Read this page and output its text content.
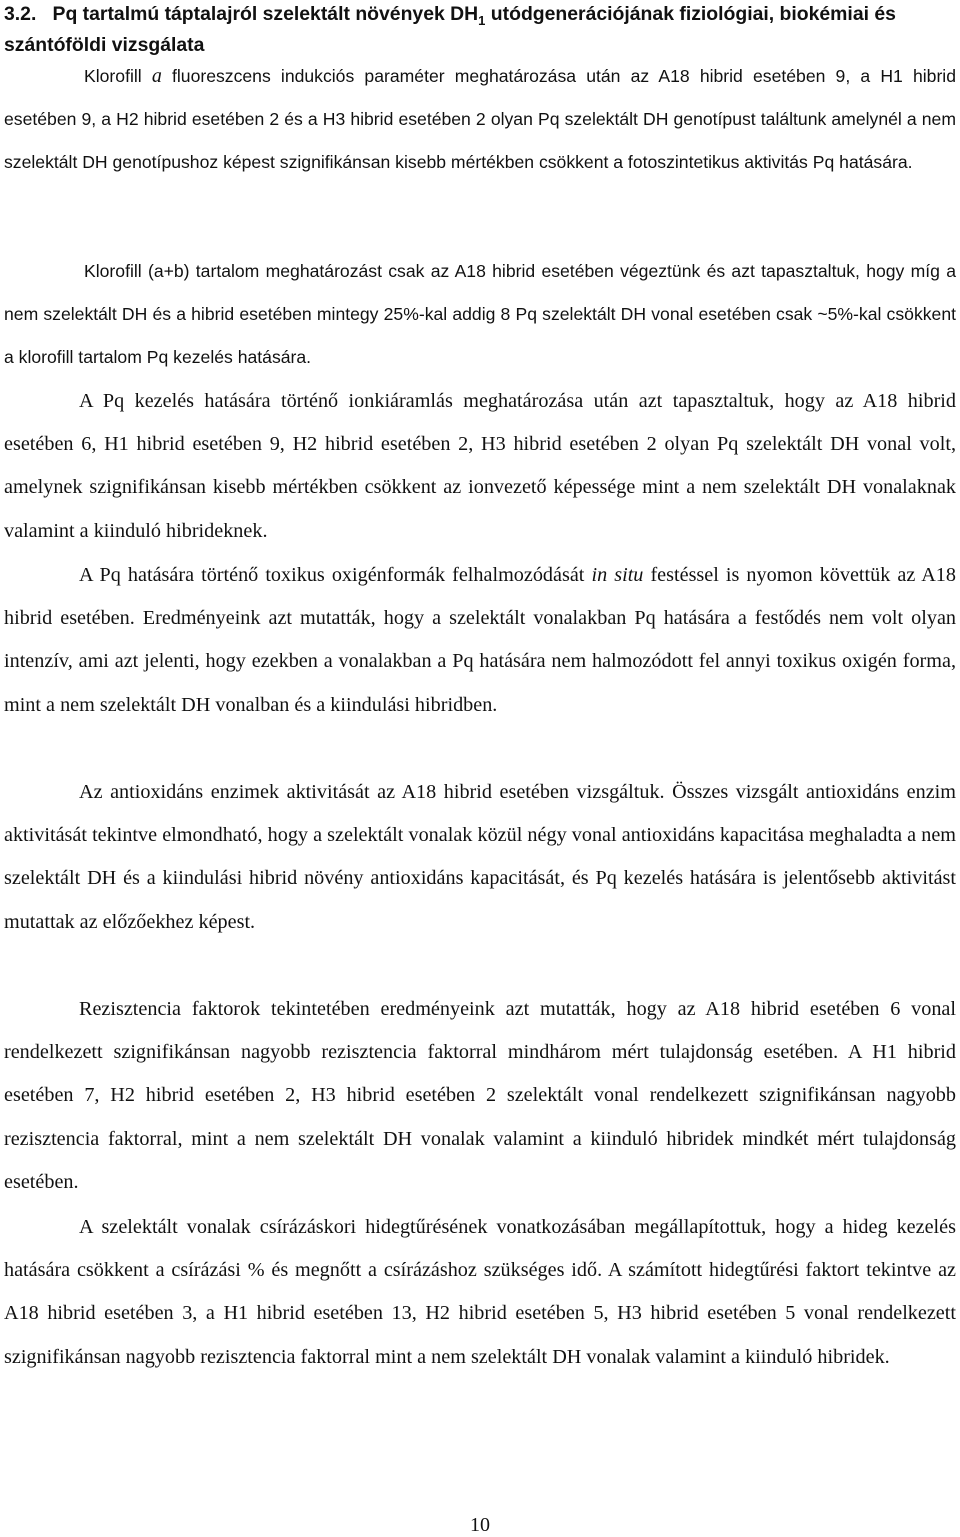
3.2. Pq tartalmú táptalajról szelektált növények $DH_1$ utódgenerációjának fiziológiai, biokémiai és szántóföldi vizsgálata
Klorofill a fluoreszcens indukciós paraméter meghatározása után az A18 hibrid esetében 9, a H1 hibrid esetében 9, a H2 hibrid esetében 2 és a H3 hibrid esetében 2 olyan Pq szelektált DH genotípust találtunk amelynél a nem szelektált DH genotípushoz képest szignifikánsan kisebb mértékben csökkent a fotoszintetikus aktivitás Pq hatására.
Klorofill (a+b) tartalom meghatározást csak az A18 hibrid esetében végeztünk és azt tapasztaltuk, hogy míg a nem szelektált DH és a hibrid esetében mintegy 25%-kal addig 8 Pq szelektált DH vonal esetében csak ~5%-kal csökkent a klorofill tartalom Pq kezelés hatására.
A Pq kezelés hatására történő ionkiáramlás meghatározása után azt tapasztaltuk, hogy az A18 hibrid esetében 6, H1 hibrid esetében 9, H2 hibrid esetében 2, H3 hibrid esetében 2 olyan Pq szelektált DH vonal volt, amelynek szignifikánsan kisebb mértékben csökkent az ionvezető képessége mint a nem szelektált DH vonalaknak valamint a kiinduló hibrideknek.
A Pq hatására történő toxikus oxigénformák felhalmozódását in situ festéssel is nyomon követtük az A18 hibrid esetében. Eredményeink azt mutatták, hogy a szelektált vonalakban Pq hatására a festődés nem volt olyan intenzív, ami azt jelenti, hogy ezekben a vonalakban a Pq hatására nem halmozódott fel annyi toxikus oxigén forma, mint a nem szelektált DH vonalban és a kiindulási hibridben.
Az antioxidáns enzimek aktivitását az A18 hibrid esetében vizsgáltuk. Összes vizsgált antioxidáns enzim aktivitását tekintve elmondható, hogy a szelektált vonalak közül négy vonal antioxidáns kapacitása meghaladta a nem szelektált DH és a kiindulási hibrid növény antioxidáns kapacitását, és Pq kezelés hatására is jelentősebb aktivitást mutattak az előzőekhez képest.
Rezisztencia faktorok tekintetében eredményeink azt mutatták, hogy az A18 hibrid esetében 6 vonal rendelkezett szignifikánsan nagyobb rezisztencia faktorral mindhárom mért tulajdonság esetében. A H1 hibrid esetében 7, H2 hibrid esetében 2, H3 hibrid esetében 2 szelektált vonal rendelkezett szignifikánsan nagyobb rezisztencia faktorral, mint a nem szelektált DH vonalak valamint a kiinduló hibridek mindkét mért tulajdonság esetében.
A szelektált vonalak csírázáskori hidegtűrésének vonatkozásában megállapítottuk, hogy a hideg kezelés hatására csökkent a csírázási % és megnőtt a csírázáshoz szükséges idő. A számított hidegtűrési faktort tekintve az A18 hibrid esetében 3, a H1 hibrid esetében 13, H2 hibrid esetében 5, H3 hibrid esetében 5 vonal rendelkezett szignifikánsan nagyobb rezisztencia faktorral mint a nem szelektált DH vonalak valamint a kiinduló hibridek.
10
